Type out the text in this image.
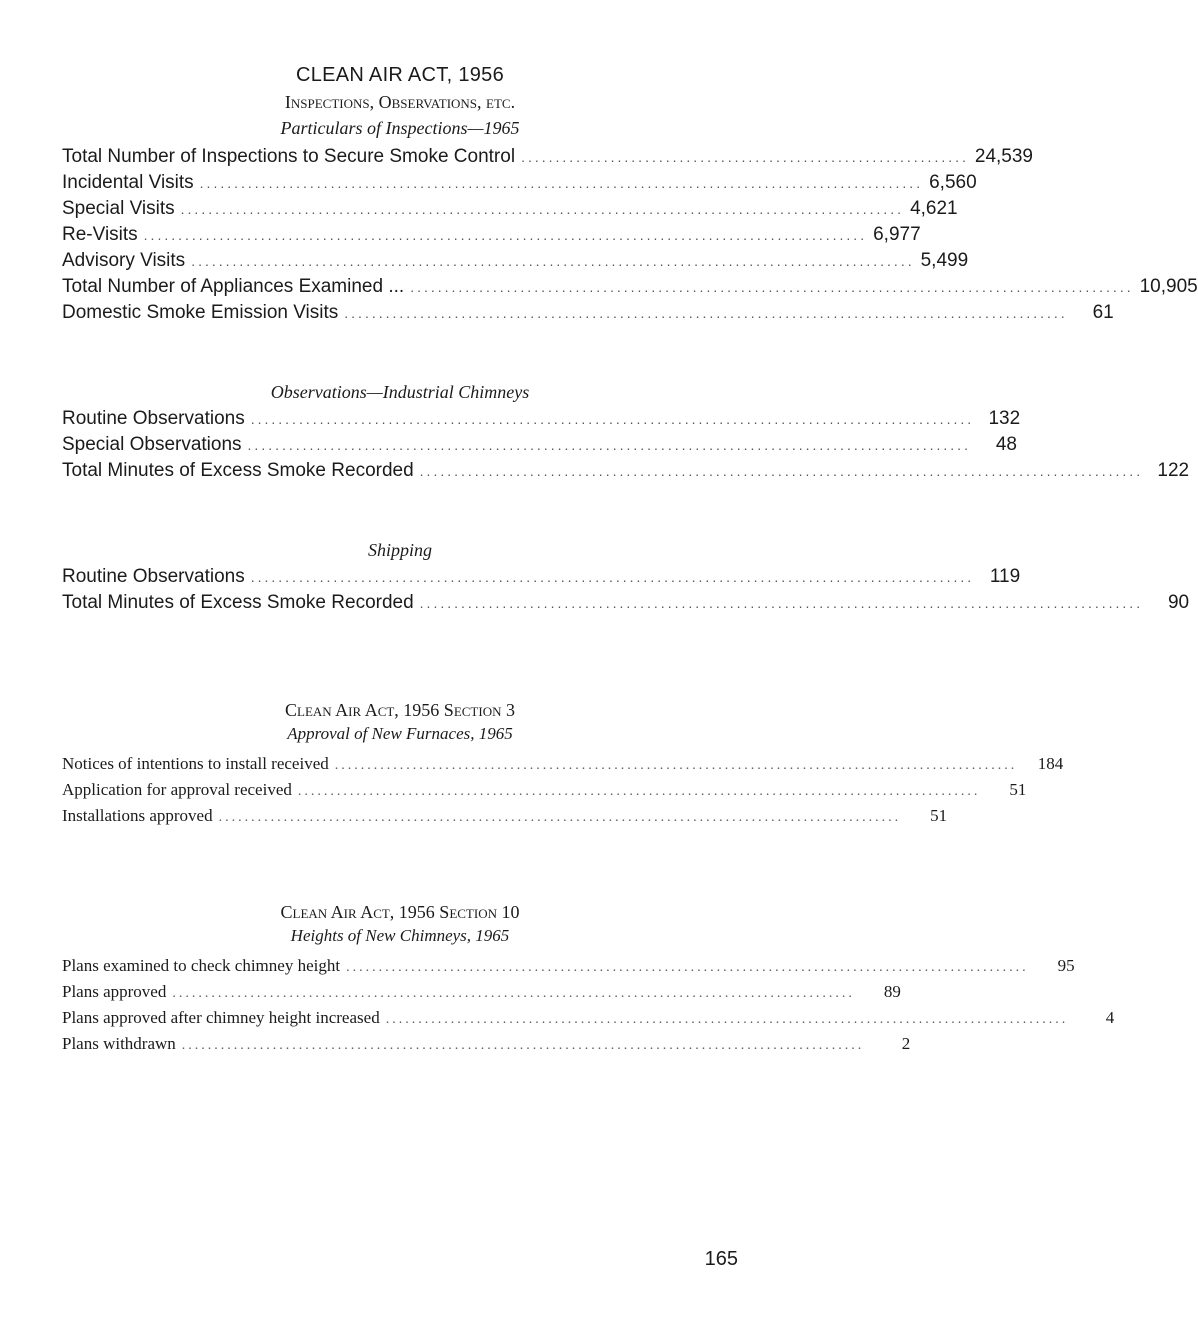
CLEAN AIR ACT, 1956
Inspections, Observations, etc.
Particulars of Inspections—1965
Total Number of Inspections to Secure Smoke Control ................................................................. 24,539
Incidental Visits ......................................................................................................... 6,560
Special Visits ......................................................................................................... 4,621
Re-Visits ......................................................................................................... 6,977
Advisory Visits ......................................................................................................... 5,499
Total Number of Appliances Examined ... ......................................................................................................... 10,905
Domestic Smoke Emission Visits .........................................................................................................	61
Observations—Industrial Chimneys
Routine Observations ......................................................................................................... 132
Special Observations .........................................................................................................	48
Total Minutes of Excess Smoke Recorded ......................................................................................................... 122
Shipping
Routine Observations ......................................................................................................... 119
Total Minutes of Excess Smoke Recorded .........................................................................................................	90
Clean Air Act, 1956 Section 3
Approval of New Furnaces, 1965
Notices of intentions to install received .........................................................................................................	184
Application for approval received .........................................................................................................	51
Installations approved .........................................................................................................	51
Clean Air Act, 1956 Section 10
Heights of New Chimneys, 1965
Plans examined to check chimney height .........................................................................................................	95
Plans approved .........................................................................................................	89
Plans approved after chimney height increased .........................................................................................................	4
Plans withdrawn .........................................................................................................	2
165
